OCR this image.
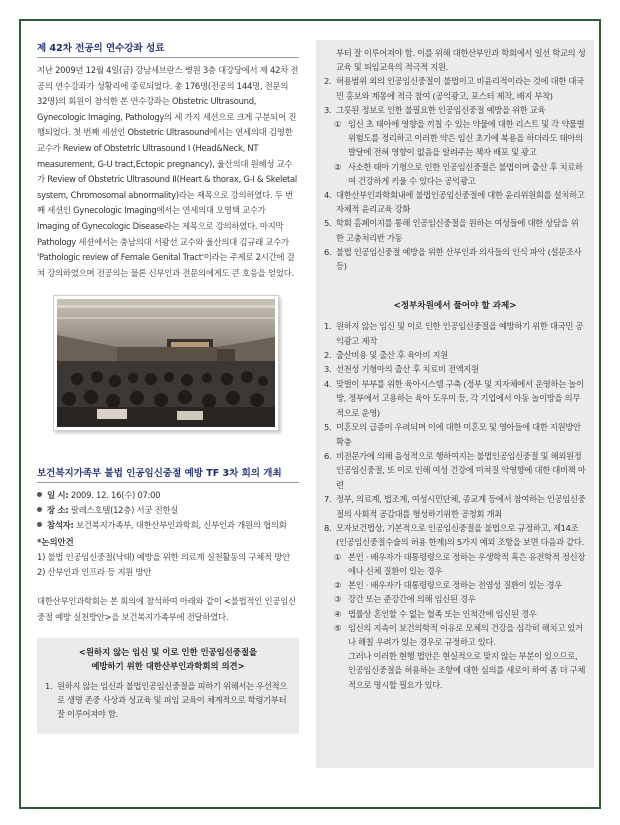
제 42차 전공의 연수강좌 성료
지난 2009년 12월 4일(금) 강남세브란스 병원 3층 대강당에서 제 42차 전공의 연수강좌가 성황리에 종료되었다. 총 176명(전공의 144명, 전문의 32명)의 회원이 참석한 본 연수강좌는 Obstetric Ultrasound, Gynecologic Imaging, Pathology의 세 가지 세션으로 크게 구분되어 진행되었다. 첫 번째 세션인 Obstetric Ultrasound에서는 연세의대 김영한 교수가 Review of Obstetric Ultrasound I (Head&Neck, NT measurement, G-U tract,Ectopic pregnancy), 울산의대 원혜성 교수가 Review of Obstetric Ultrasound II(Heart & thorax, G-I & Skeletal system, Chromosomal abnormality)라는 제목으로 강의하였다. 두 번째 세션인 Gynecologic Imaging에서는 연세의대 오영택 교수가 Imaging of Gynecologic Disease라는 제목으로 강의하였다. 마지막 Pathology 세션에서는 충남의대 서광선 교수와 울산의대 김규래 교수가 'Pathologic review of Female Genital Tract'이라는 주제로 2시간에 걸쳐 강의하였으며 전공의는 물론 신부인과 전문의에게도 큰 호응을 얻었다.
보건복지가족부 불법 인공임신중절 예방 TF 3차 회의 개최
일 시: 2009. 12. 16(수) 07:00
장 소: 팔레스호텔(12층) 서궁 진한실
참석자: 보건복지가족부, 대한산부인과학회, 신부인과 개원의 협의회
*논의안건
1) 불법 인공임신중절(낙태) 예방을 위한 의료계 실천활동의 구체적 방안
2) 산부인과 인프라 등 지원 방안
대한산부인과학회는 본 회의에 참석하여 아래와 같이 <불법적인 인공임신중절 예방 실천방안>을 보건복지가족부에 전달하였다.
<원하지 않는 임신 및 이로 인한 인공임신중절을
예방하기 위한 대한산부인과학회의 의견>
1. 원하지 않는 임신과 불법인공임신중절을 피하기 위해서는 우선적으로 생명 존중 사상과 성교육 및 피임 교육이 체계적으로 학령기부터 잘 이루어져야 함.
부터 잘 이루어져야 함. 이를 위해 대한산부인과 학회에서 일선 학교의 성교육 및 피임교육의 적극적 지원.
2. 허용범위 외의 인공임신중절이 불법이고 비윤리적이라는 것에 대한 대국민 홍보와 계몽에 적극 참여 (공익광고, 포스터 제작, 배지 부착)
3. 그릇된 정보로 인한 불필요한 인공임신중절 예방을 위한 교육
① 임신 초 태아에 영향을 끼칠 수 있는 약물에 대한 리스트 및 각 약물별 위험도를 정리하고 이러한 약은 임신 초기에 복용을 하더라도 태아의 발달에 전혀 영향이 없음을 알려주는 책자 배포 및 광고
② 사소한 태아 기형으로 인한 인공임신중절은 불법이며 출산 후 치료하여 건강하게 키울 수 있다는 공익광고
4. 대한산부인과학회내에 불법인공임신중절에 대한 윤리위원회를 설치하고 자체적 윤리교육 강화
5. 학회 홈페이지를 통해 인공임신중절을 원하는 여성들에 대한 상담을 위한 고충처리반 가동
6. 불법 인공임신중절 예방을 위한 산부인과 의사들의 인식 파악 (설문조사 등)
<정부차원에서 풀어야 할 과제>
1. 원하지 않는 임신 및 이로 인한 인공임신중절을 예방하기 위한 대국민 공익광고 제작
2. 출산비용 및 출산 후 육아비 지원
3. 선천성 기형아의 출산 후 치료비 전액지원
4. 맞벌이 부부를 위한 육아시스템 구축 (정부 및 지자체에서 운영하는 놀이방, 정부에서 고용하는 육아 도우미 등, 각 기업에서 아동 놀이방을 의무적으로 운영)
5. 미혼모의 급증이 우려되며 이에 대한 미혼모 및 영아들에 대한 지원방안 확충
6. 비전문가에 의해 음성적으로 행하여지는 불법인공임신중절 및 해외원정 인공임신중절, 또 이로 인해 여성 건강에 미쳐질 악영향에 대한 대비책 마련
7. 정부, 의료계, 법조계, 여성시민단체, 종교계 등에서 참여하는 인공임신중절의 사회적 공감대를 형성하기위한 공청회 개최
8. 모자보건법상, 기본적으로 인공임신중절을 불법으로 규정하고, 제14조(인공임신중절수술의 허용 한계)의 5가지 예외 조항을 보면 다음과 같다.
① 본인 · 배우자가 대통령령으로 정하는 우생학적 혹은 유전학적 정신장애나 신체 질환이 있는 경우
② 본인 · 배우자가 대통령령으로 정하는 전염성 질환이 있는 경우
③ 강간 또는 준강간에 의해 임신된 경우
④ 법률상 혼인할 수 없는 혈족 또는 인척간에 임신된 경우
⑤ 임신의 지속이 보건의학적 이유로 모체의 건강을 심각히 해치고 있거나 해칠 우려가 있는 경우로 규정하고 있다.
그러나 이러한 현행 법안은 현실적으로 맞지 않는 부분이 있으므로, 인공임신중절을 허용하는 조항에 대한 심의를 새로이 하여 좀 더 구체적으로 명시할 필요가 있다.
